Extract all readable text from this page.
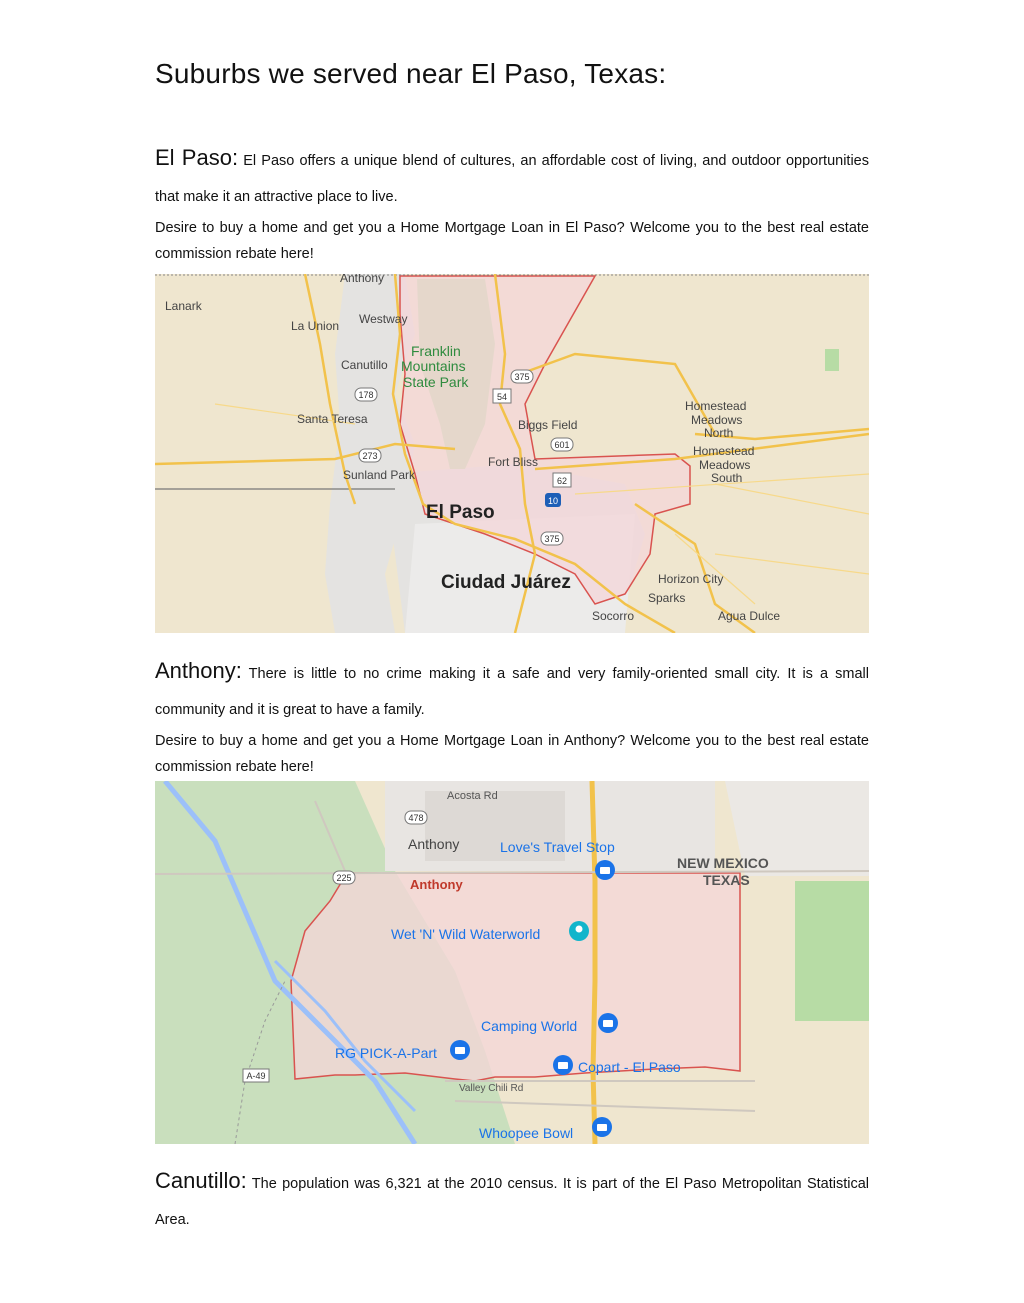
Suburbs we served near El Paso, Texas:

El Paso: El Paso offers a unique blend of cultures, an affordable cost of living, and outdoor opportunities that make it an attractive place to live.

Desire to buy a home and get you a Home Mortgage Loan in El Paso? Welcome you to the best real estate commission rebate here!

Anthony
Lanark
Westway
La Union
Canutillo
Santa Teresa
Sunland Park
Biggs Field
Fort Bliss
Homestead
Meadows
North
Homestead
Meadows
South
Horizon City
Sparks
Agua Dulce
Socorro
Franklin
Mountains
State Park
El Paso
Ciudad Juárez
178
273
375
54
601
62
10
375

Anthony: There is little to no crime making it a safe and very family-oriented small city. It is a small community and it is great to have a family.

Desire to buy a home and get you a Home Mortgage Loan in Anthony? Welcome you to the best real estate commission rebate here!

Acosta Rd
Anthony
Anthony
NEW MEXICO
TEXAS
Valley Chili Rd
478
225
A-49
Love's Travel Stop
Wet 'N' Wild Waterworld
Camping World
RG PICK-A-Part
Copart - El Paso
Whoopee Bowl

Canutillo: The population was 6,321 at the 2010 census. It is part of the El Paso Metropolitan Statistical Area.
